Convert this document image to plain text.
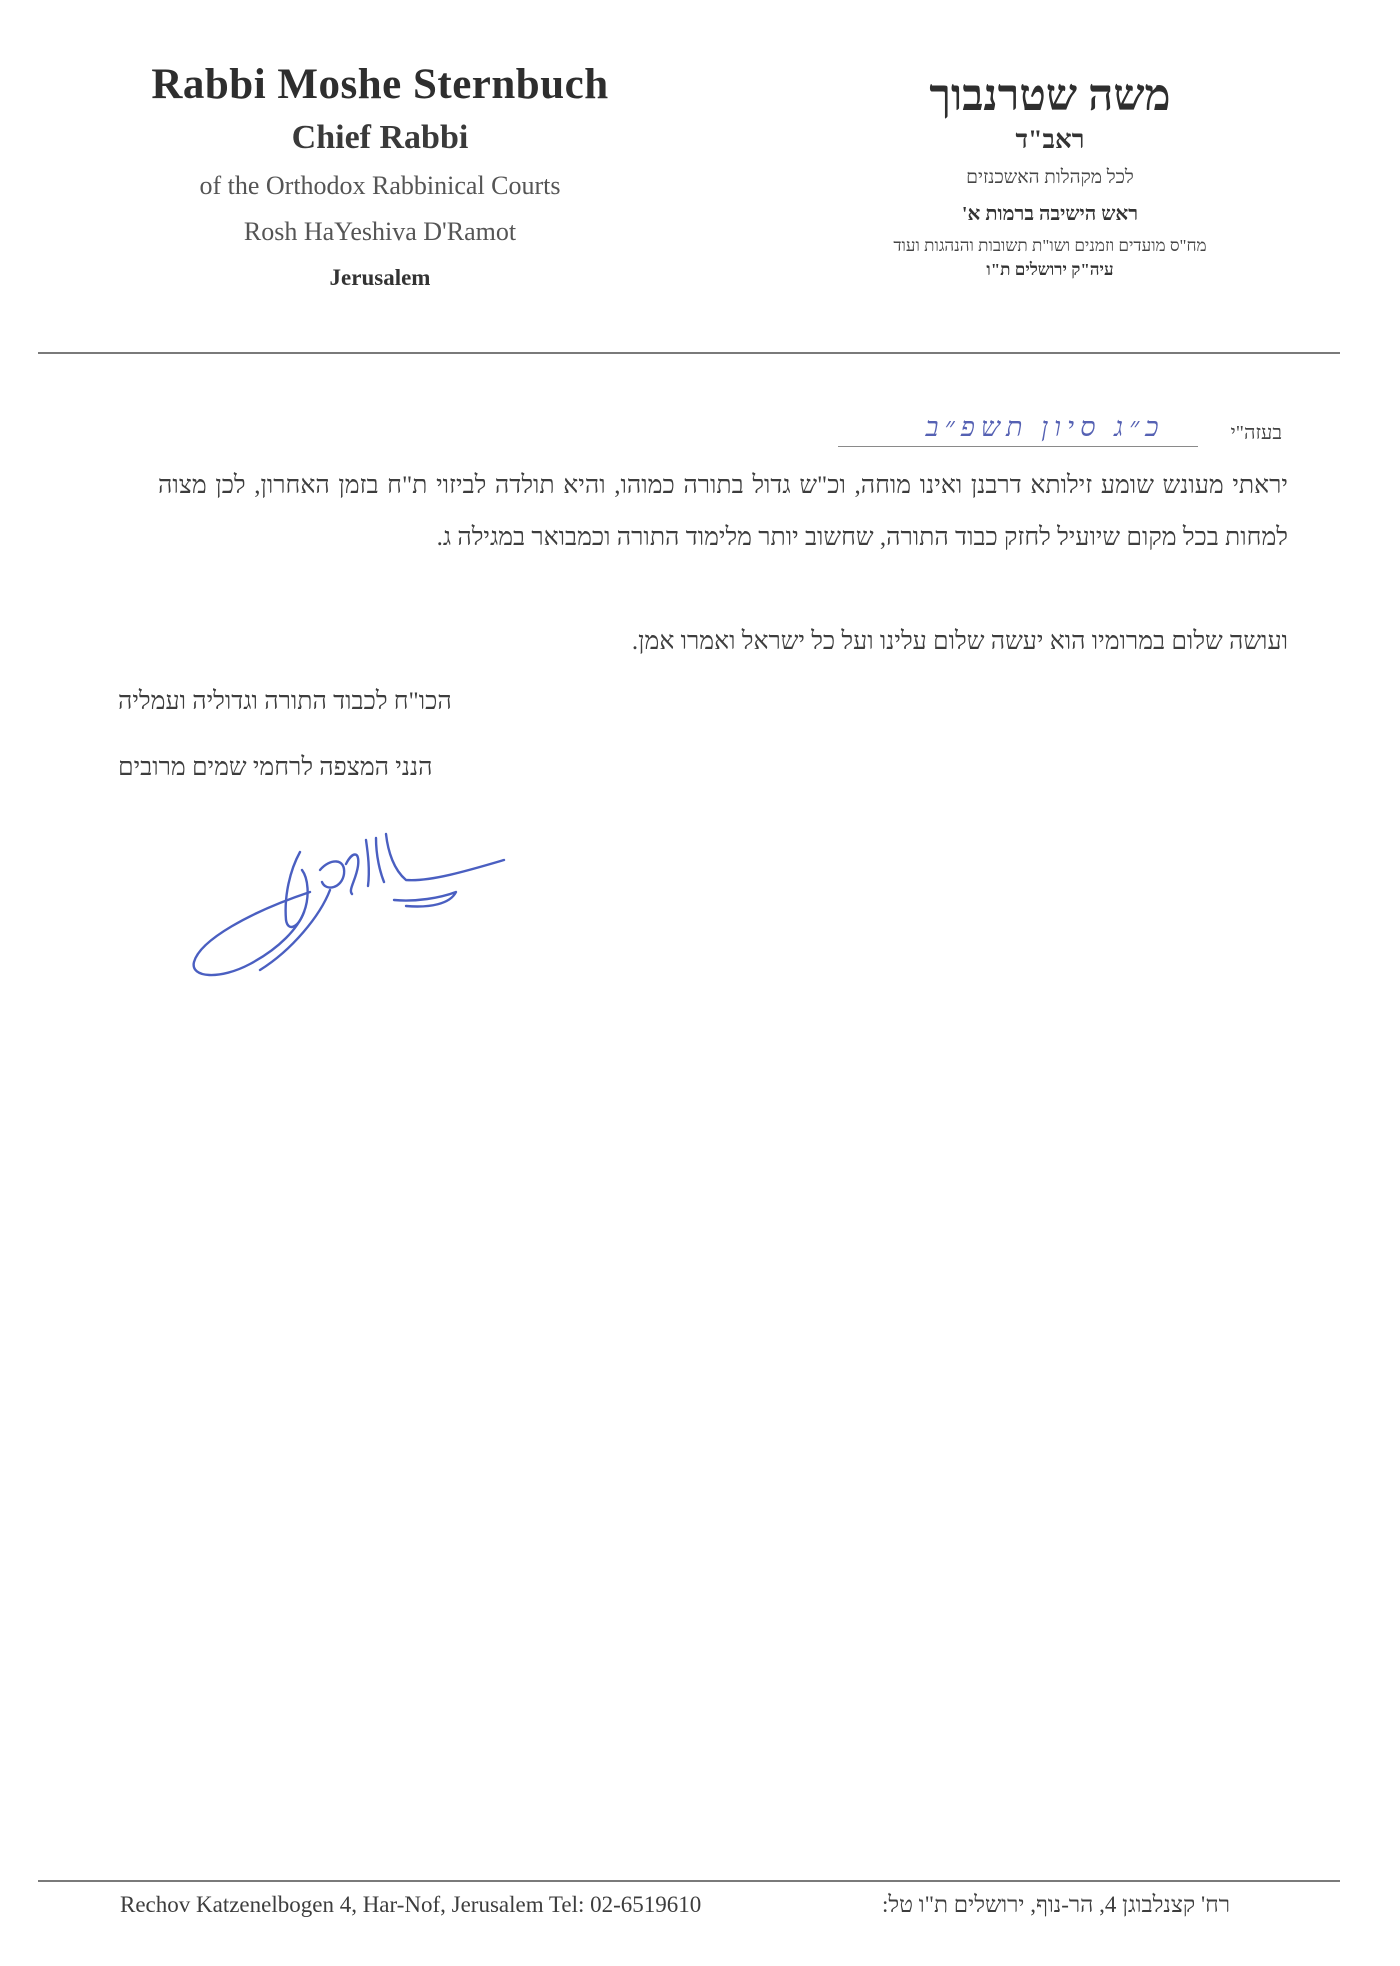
Rabbi Moshe Sternbuch
Chief Rabbi
of the Orthodox Rabbinical Courts
Rosh HaYeshiva D'Ramot
Jerusalem
משה שטרנבוך
ראב"ד
לכל מקהלות האשכנזים
ראש הישיבה ברמות א'
מח"ס מועדים וזמנים ושו"ת תשובות והנהגות ועוד
עיה"ק ירושלים ת"ו
בעזה"י
כ״ג סיון תשפ״ב
יראתי מעונש שומע זילותא דרבנן ואינו מוחה, וכ"ש גדול בתורה כמוהו, והיא תולדה לביזוי ת"ח בזמן האחרון, לכן מצוה למחות בכל מקום שיועיל לחזק כבוד התורה, שחשוב יותר מלימוד התורה וכמבואר במגילה ג.
ועושה שלום במרומיו הוא יעשה שלום עלינו ועל כל ישראל ואמרו אמן.
הכו"ח לכבוד התורה וגדוליה ועמליה
הנני המצפה לרחמי שמים מרובים
Rechov Katzenelbogen 4, Har-Nof, Jerusalem Tel: 02-6519610	רח' קצנלבוגן 4, הר-נוף, ירושלים ת"ו טל:
